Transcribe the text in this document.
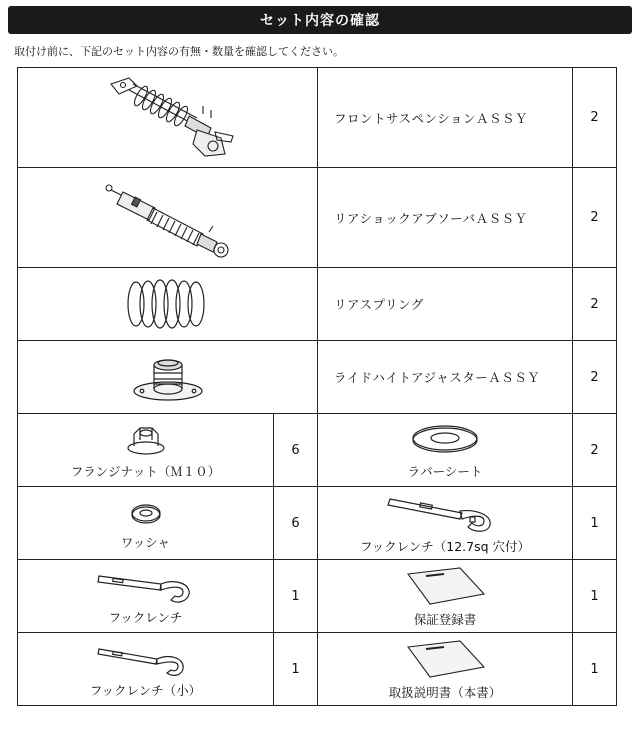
セット内容の確認
取付け前に、下記のセット内容の有無・数量を確認してください。
	フロントサスペンションＡＳＳＹ	2

	リアショックアブソーバＡＳＳＹ	2

	リアスプリング	2

	ライドハイトアジャスターＡＳＳＹ	2

フランジナット（Ｍ１０）	6	ラバーシート	2

ワッシャ	6	フックレンチ（12.7sq 穴付）	1

フックレンチ	1	保証登録書	1

フックレンチ（小）	1	取扱説明書（本書）	1
